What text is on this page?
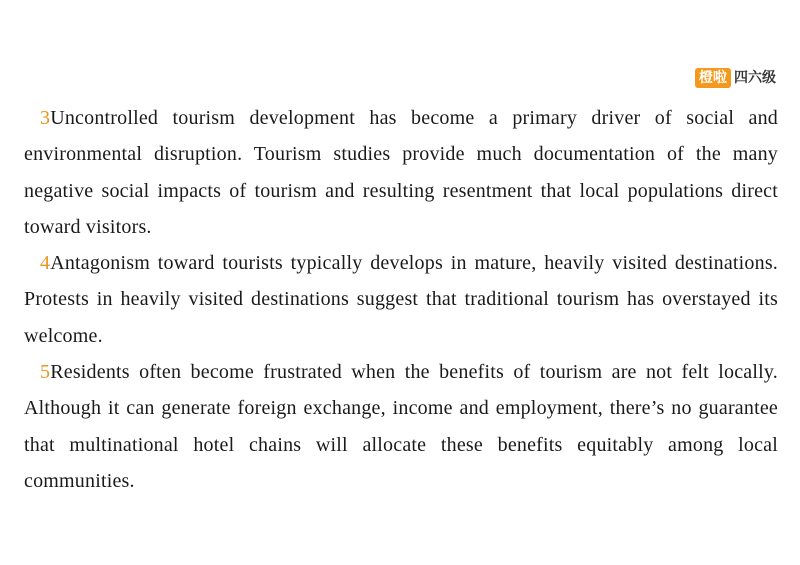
橙啦 四六级

3Uncontrolled tourism development has become a primary driver of social and environmental disruption. Tourism studies provide much documentation of the many negative social impacts of tourism and resulting resentment that local populations direct toward visitors.

4Antagonism toward tourists typically develops in mature, heavily visited destinations. Protests in heavily visited destinations suggest that traditional tourism has overstayed its welcome.

5Residents often become frustrated when the benefits of tourism are not felt locally. Although it can generate foreign exchange, income and employment, there’s no guarantee that multinational hotel chains will allocate these benefits equitably among local communities.
